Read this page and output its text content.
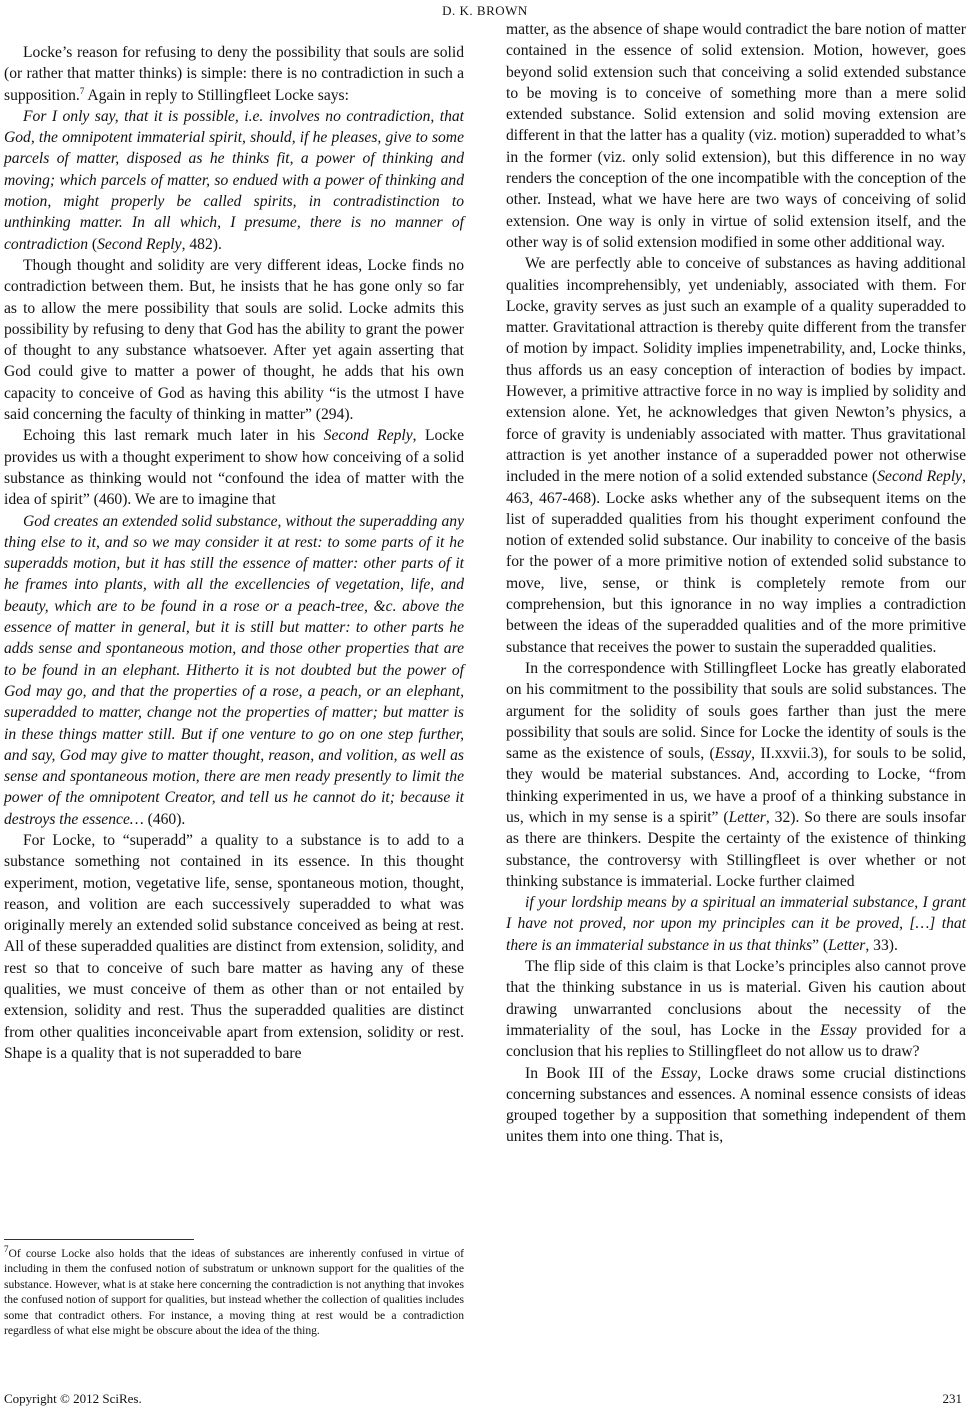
D. K. BROWN

Locke’s reason for refusing to deny the possibility that souls are solid (or rather that matter thinks) is simple: there is no contradiction in such a supposition.$^7$ Again in reply to Stillingfleet Locke says:

For I only say, that it is possible, i.e. involves no contradiction, that God, the omnipotent immaterial spirit, should, if he pleases, give to some parcels of matter, disposed as he thinks fit, a power of thinking and moving; which parcels of matter, so endued with a power of thinking and motion, might properly be called spirits, in contradistinction to unthinking matter. In all which, I presume, there is no manner of contradiction (Second Reply, 482).

Though thought and solidity are very different ideas, Locke finds no contradiction between them. But, he insists that he has gone only so far as to allow the mere possibility that souls are solid. Locke admits this possibility by refusing to deny that God has the ability to grant the power of thought to any substance whatsoever. After yet again asserting that God could give to matter a power of thought, he adds that his own capacity to conceive of God as having this ability “is the utmost I have said concerning the faculty of thinking in matter” (294).

Echoing this last remark much later in his Second Reply, Locke provides us with a thought experiment to show how conceiving of a solid substance as thinking would not “confound the idea of matter with the idea of spirit” (460). We are to imagine that

God creates an extended solid substance, without the superadding any thing else to it, and so we may consider it at rest: to some parts of it he superadds motion, but it has still the essence of matter: other parts of it he frames into plants, with all the excellencies of vegetation, life, and beauty, which are to be found in a rose or a peach-tree, &c. above the essence of matter in general, but it is still but matter: to other parts he adds sense and spontaneous motion, and those other properties that are to be found in an elephant. Hitherto it is not doubted but the power of God may go, and that the properties of a rose, a peach, or an elephant, superadded to matter, change not the properties of matter; but matter is in these things matter still. But if one venture to go on one step further, and say, God may give to matter thought, reason, and volition, as well as sense and spontaneous motion, there are men ready presently to limit the power of the omnipotent Creator, and tell us he cannot do it; because it destroys the essence… (460).

For Locke, to “superadd” a quality to a substance is to add to a substance something not contained in its essence. In this thought experiment, motion, vegetative life, sense, spontaneous motion, thought, reason, and volition are each successively superadded to what was originally merely an extended solid substance conceived as being at rest. All of these superadded qualities are distinct from extension, solidity, and rest so that to conceive of such bare matter as having any of these qualities, we must conceive of them as other than or not entailed by extension, solidity and rest. Thus the superadded qualities are distinct from other qualities inconceivable apart from extension, solidity or rest. Shape is a quality that is not superadded to bare

$^7$Of course Locke also holds that the ideas of substances are inherently confused in virtue of including in them the confused notion of substratum or unknown support for the qualities of the substance. However, what is at stake here concerning the contradiction is not anything that invokes the confused notion of support for qualities, but instead whether the collection of qualities includes some that contradict others. For instance, a moving thing at rest would be a contradiction regardless of what else might be obscure about the idea of the thing.

matter, as the absence of shape would contradict the bare notion of matter contained in the essence of solid extension. Motion, however, goes beyond solid extension such that conceiving a solid extended substance to be moving is to conceive of something more than a mere solid extended substance. Solid extension and solid moving extension are different in that the latter has a quality (viz. motion) superadded to what’s in the former (viz. only solid extension), but this difference in no way renders the conception of the one incompatible with the conception of the other. Instead, what we have here are two ways of conceiving of solid extension. One way is only in virtue of solid extension itself, and the other way is of solid extension modified in some other additional way.

We are perfectly able to conceive of substances as having additional qualities incomprehensibly, yet undeniably, associated with them. For Locke, gravity serves as just such an example of a quality superadded to matter. Gravitational attraction is thereby quite different from the transfer of motion by impact. Solidity implies impenetrability, and, Locke thinks, thus affords us an easy conception of interaction of bodies by impact. However, a primitive attractive force in no way is implied by solidity and extension alone. Yet, he acknowledges that given Newton’s physics, a force of gravity is undeniably associated with matter. Thus gravitational attraction is yet another instance of a superadded power not otherwise included in the mere notion of a solid extended substance (Second Reply, 463, 467-468). Locke asks whether any of the subsequent items on the list of superadded qualities from his thought experiment confound the notion of extended solid substance. Our inability to conceive of the basis for the power of a more primitive notion of extended solid substance to move, live, sense, or think is completely remote from our comprehension, but this ignorance in no way implies a contradiction between the ideas of the superadded qualities and of the more primitive substance that receives the power to sustain the superadded qualities.

In the correspondence with Stillingfleet Locke has greatly elaborated on his commitment to the possibility that souls are solid substances. The argument for the solidity of souls goes farther than just the mere possibility that souls are solid. Since for Locke the identity of souls is the same as the existence of souls, (Essay, II.xxvii.3), for souls to be solid, they would be material substances. And, according to Locke, “from thinking experimented in us, we have a proof of a thinking substance in us, which in my sense is a spirit” (Letter, 32). So there are souls insofar as there are thinkers. Despite the certainty of the existence of thinking substance, the controversy with Stillingfleet is over whether or not thinking substance is immaterial. Locke further claimed

if your lordship means by a spiritual an immaterial substance, I grant I have not proved, nor upon my principles can it be proved, […] that there is an immaterial substance in us that thinks” (Letter, 33).

The flip side of this claim is that Locke’s principles also cannot prove that the thinking substance in us is material. Given his caution about drawing unwarranted conclusions about the necessity of the immateriality of the soul, has Locke in the Essay provided for a conclusion that his replies to Stillingfleet do not allow us to draw?

In Book III of the Essay, Locke draws some crucial distinctions concerning substances and essences. A nominal essence consists of ideas grouped together by a supposition that something independent of them unites them into one thing. That is,

Copyright © 2012 SciRes.	231
